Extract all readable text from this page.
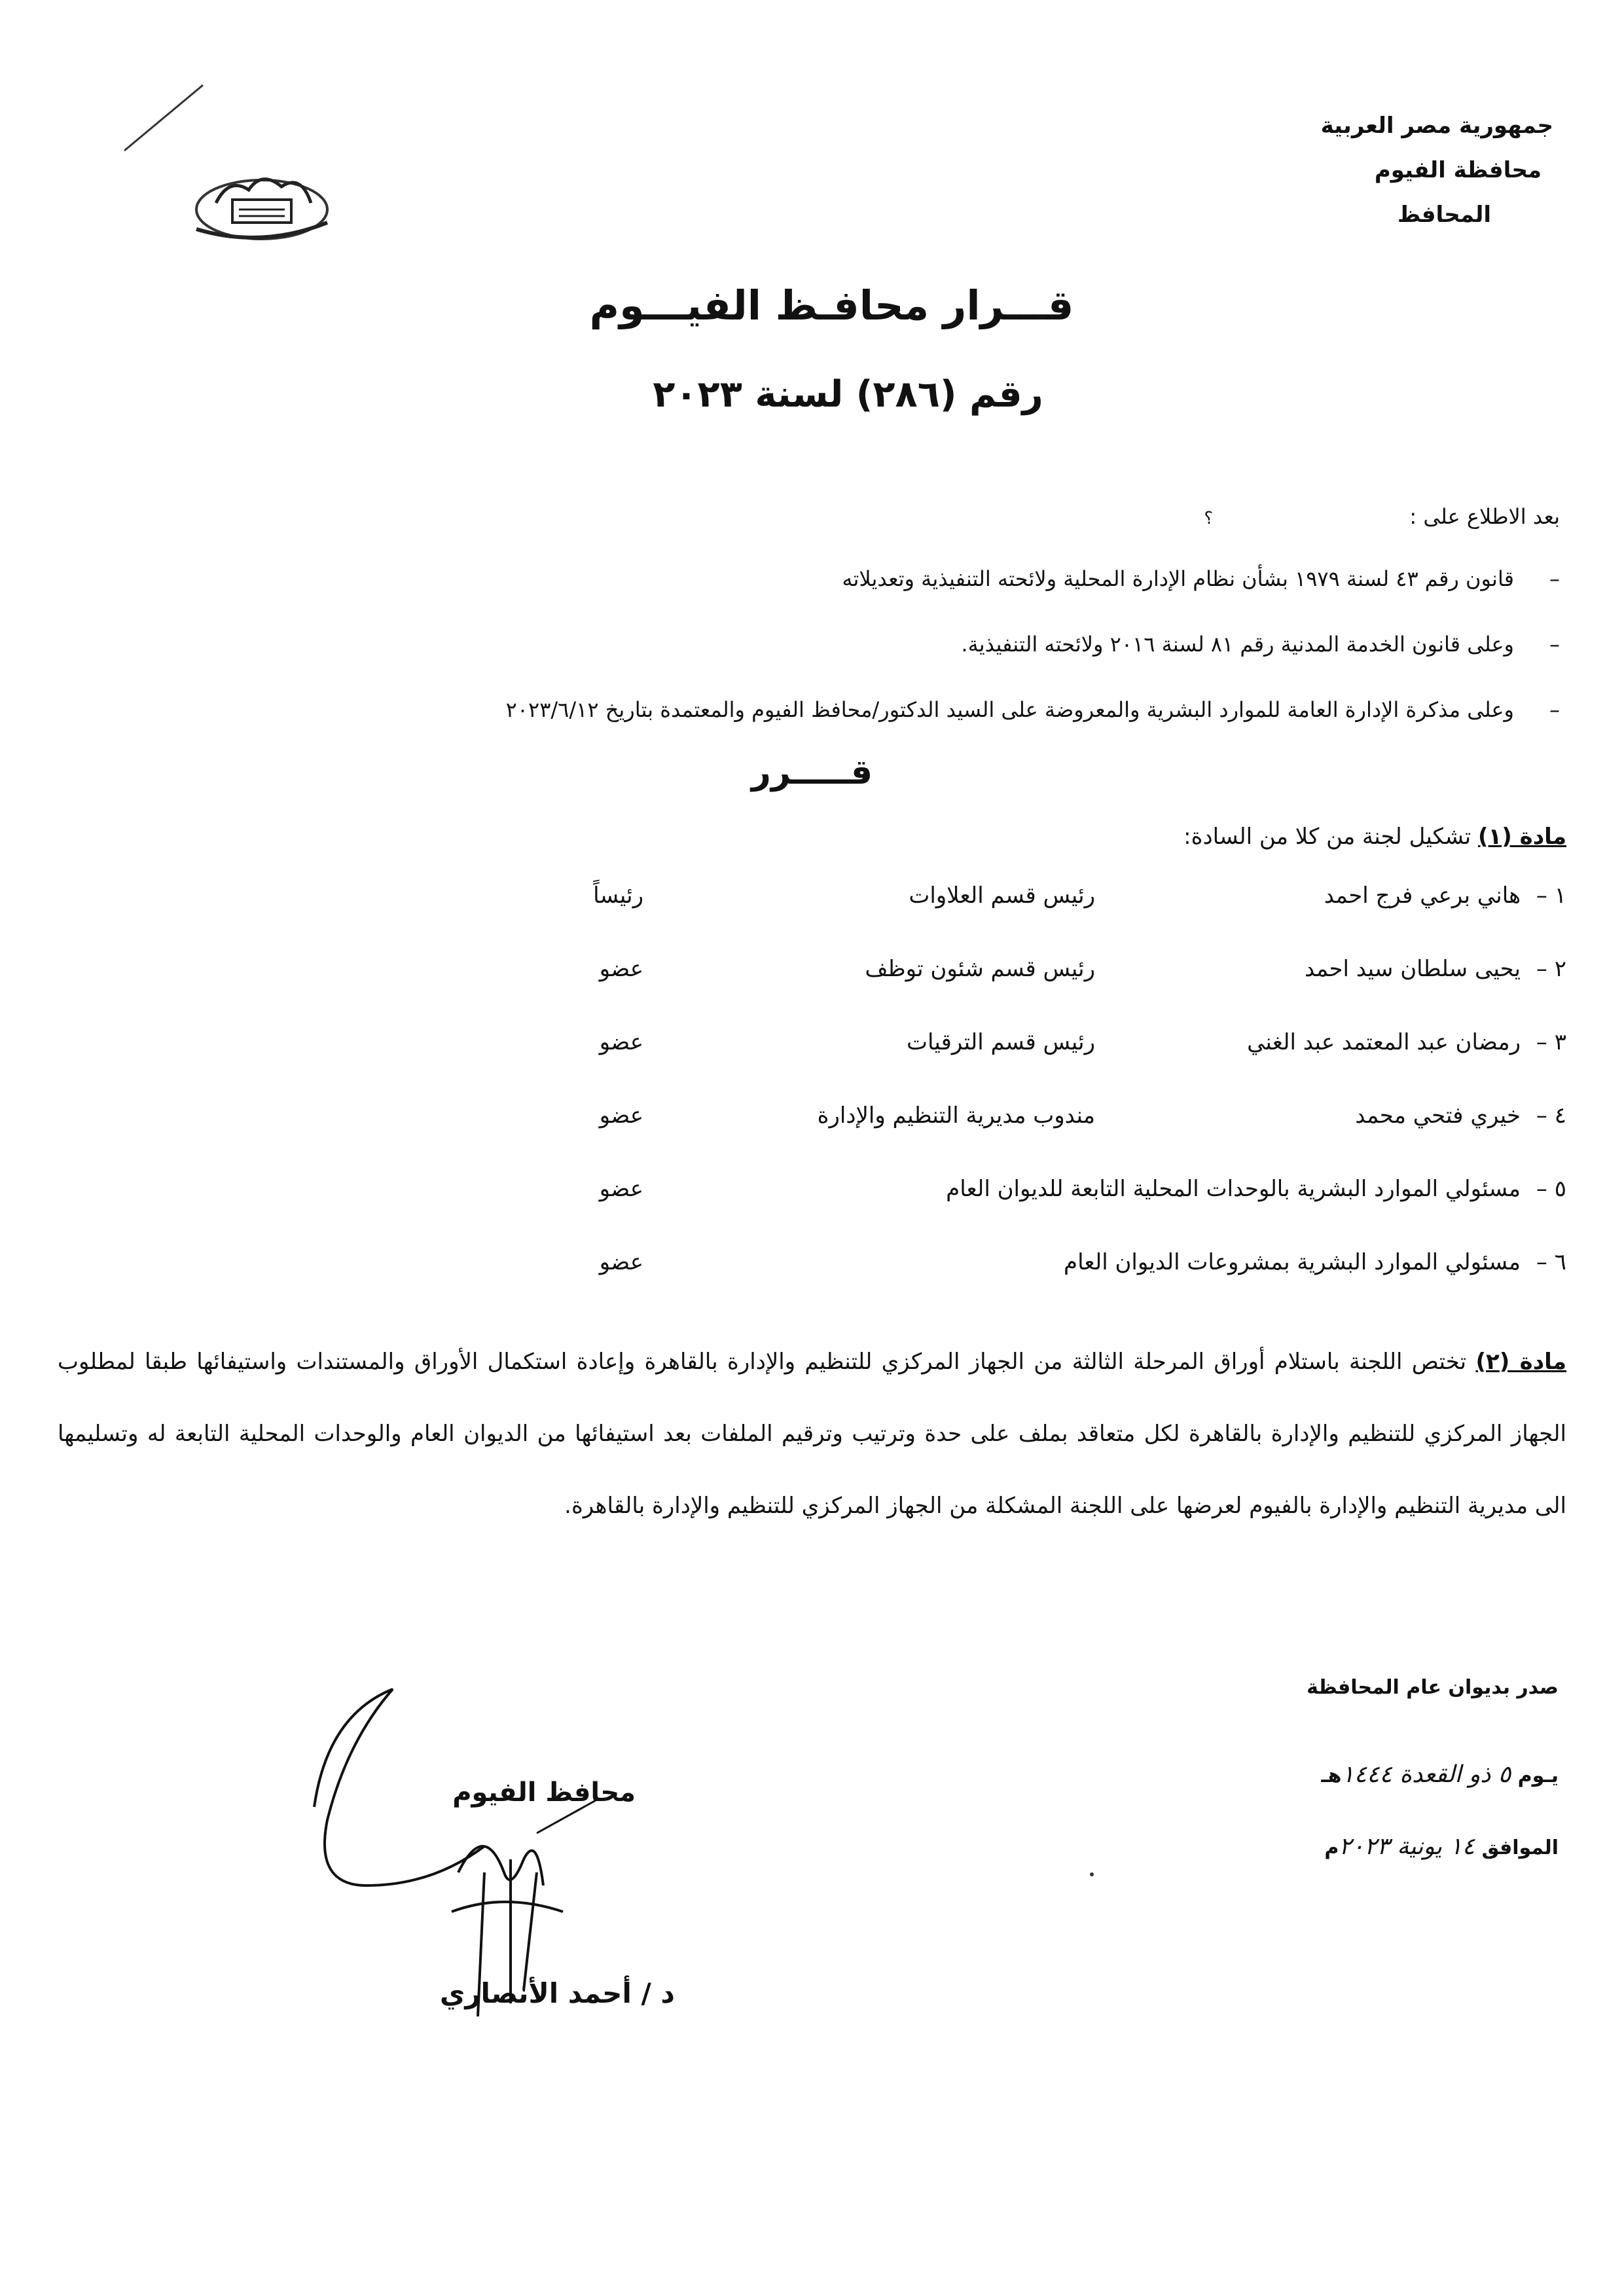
جمهورية مصر العربية
محافظة الفيوم
المحافظ
قـــرار محافـظ الفيـــوم
رقم (٢٨٦) لسنة ٢٠٢٣
بعد الاطلاع على : ؟
–
قانون رقم ٤٣ لسنة ١٩٧٩ بشأن نظام الإدارة المحلية ولائحته التنفيذية وتعديلاته
–
وعلى قانون الخدمة المدنية رقم ٨١ لسنة ٢٠١٦ ولائحته التنفيذية.
–
وعلى مذكرة الإدارة العامة للموارد البشرية والمعروضة على السيد الدكتور/محافظ الفيوم والمعتمدة بتاريخ ٢٠٢٣/٦/١٢
قـــــرر
مادة (١) تشكيل لجنة من كلا من السادة:
١ –
هاني برعي فرج احمد
رئيس قسم العلاوات
رئيساً
٢ –
يحيى سلطان سيد احمد
رئيس قسم شئون توظف
عضو
٣ –
رمضان عبد المعتمد عبد الغني
رئيس قسم الترقيات
عضو
٤ –
خيري فتحي محمد
مندوب مديرية التنظيم والإدارة
عضو
٥ –
مسئولي الموارد البشرية بالوحدات المحلية التابعة للديوان العام
عضو
٦ –
مسئولي الموارد البشرية بمشروعات الديوان العام
عضو
مادة (٢) تختص اللجنة باستلام أوراق المرحلة الثالثة من الجهاز المركزي للتنظيم والإدارة بالقاهرة وإعادة استكمال الأوراق والمستندات واستيفائها طبقا لمطلوب الجهاز المركزي للتنظيم والإدارة بالقاهرة لكل متعاقد بملف على حدة وترتيب وترقيم الملفات بعد استيفائها من الديوان العام والوحدات المحلية التابعة له وتسليمها الى مديرية التنظيم والإدارة بالفيوم لعرضها على اللجنة المشكلة من الجهاز المركزي للتنظيم والإدارة بالقاهرة.
صدر بديوان عام المحافظة
يـوم ٥ ذو القعدة ١٤٤٤هـ
الموافق ١٤ يونية ٢٠٢٣م
محافظ الفيوم
د / أحمد الأنصاري
